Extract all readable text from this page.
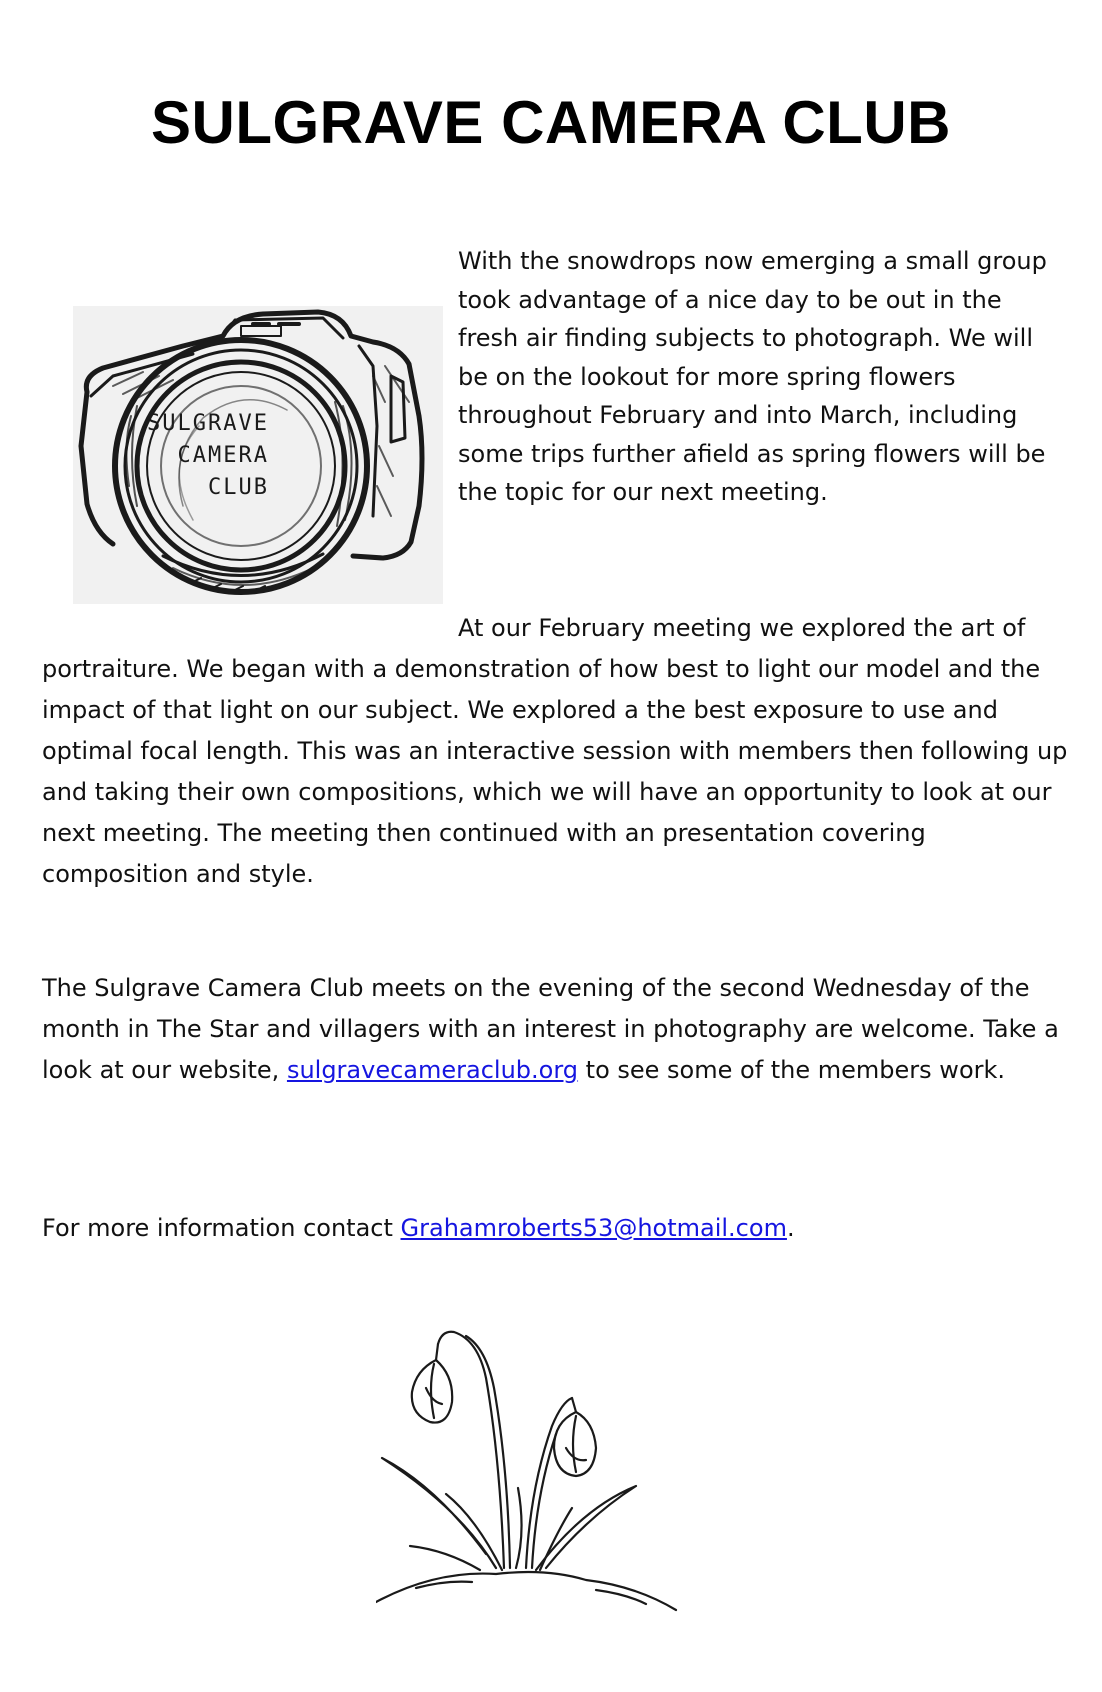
SULGRAVE CAMERA CLUB
SULGRAVE
CAMERA
CLUB

With the snowdrops now emerging a small group took advantage of a nice day to be out in the fresh air finding subjects to photograph. We will be on the lookout for more spring flowers throughout February and into March, including some trips further afield as spring flowers will be the topic for our next meeting.

At our February meeting we explored the art of portraiture. We began with a demonstration of how best to light our model and the impact of that light on our subject. We explored a the best exposure to use and optimal focal length. This was an interactive session with members then following up and taking their own compositions, which we will have an opportunity to look at our next meeting. The meeting then continued with an presentation covering composition and style.

The Sulgrave Camera Club meets on the evening of the second Wednesday of the month in The Star and villagers with an interest in photography are welcome. Take a look at our website, sulgravecameraclub.org to see some of the members work.

For more information contact Grahamroberts53@hotmail.com.
